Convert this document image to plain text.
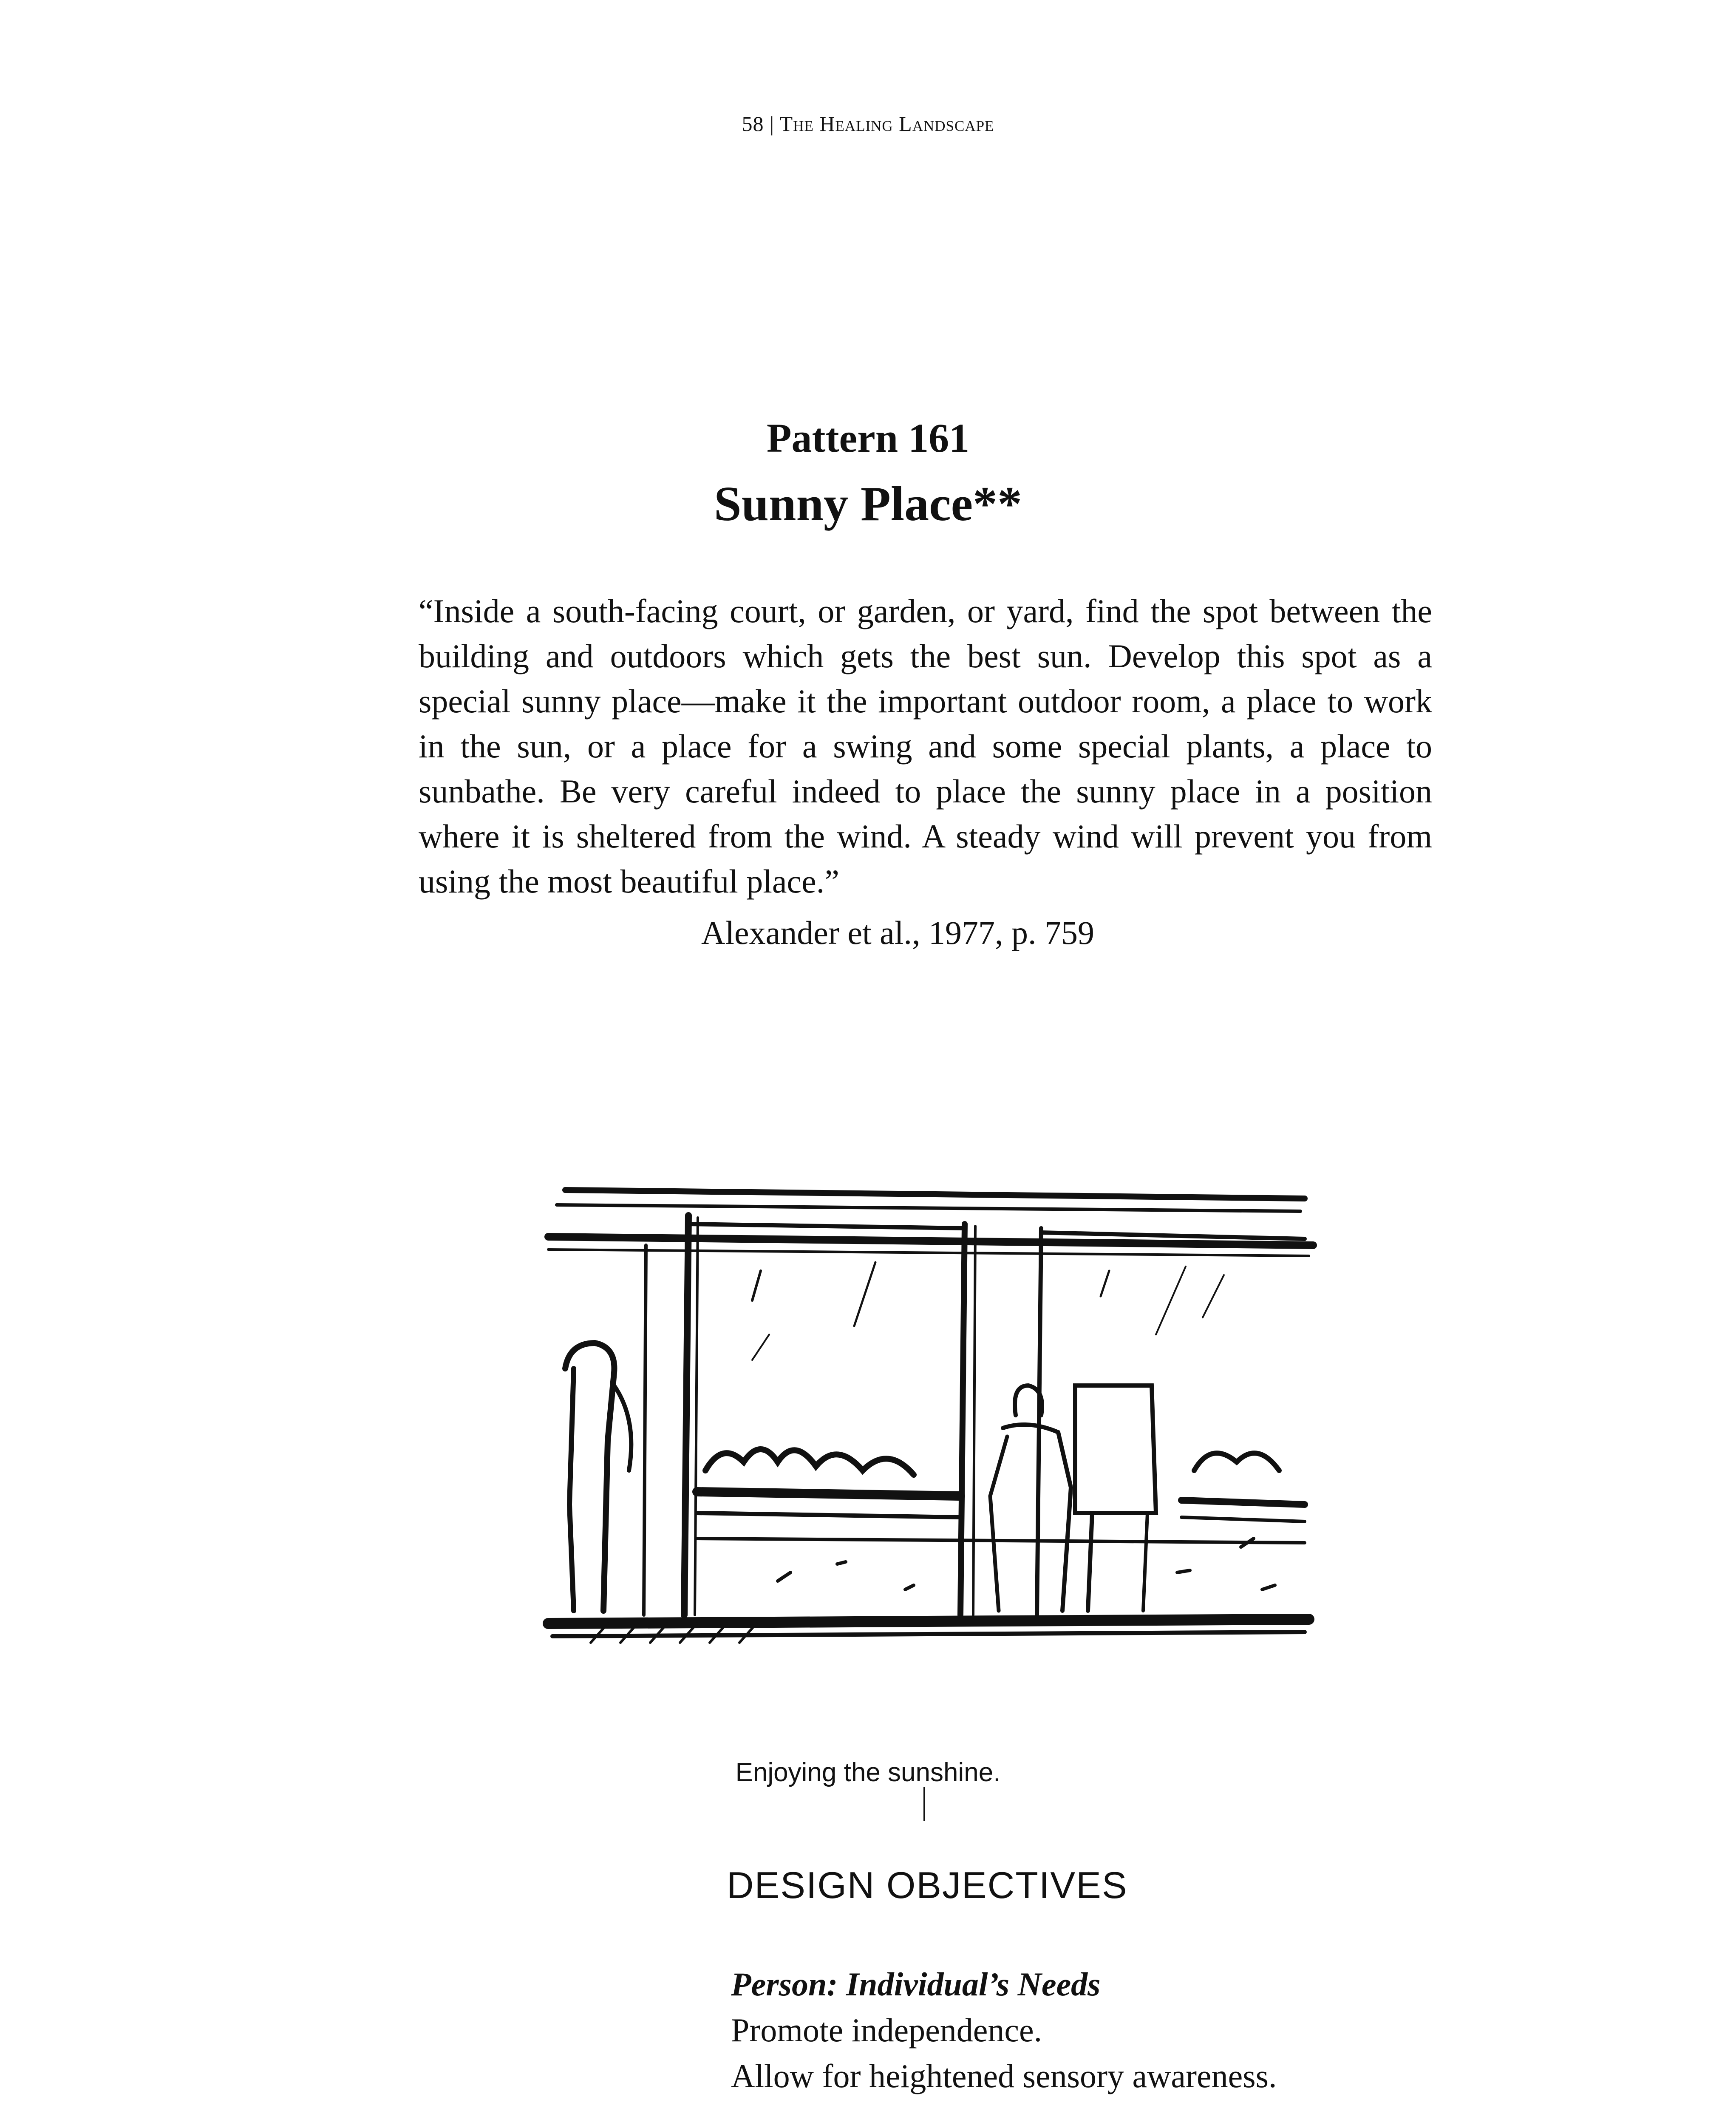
58 | The Healing Landscape
Pattern 161
Sunny Place**
“Inside a south-facing court, or garden, or yard, find the spot between the building and outdoors which gets the best sun. Develop this spot as a special sunny place—make it the important outdoor room, a place to work in the sun, or a place for a swing and some special plants, a place to sunbathe. Be very careful indeed to place the sunny place in a position where it is sheltered from the wind. A steady wind will prevent you from using the most beautiful place.”
Alexander et al., 1977, p. 759
Enjoying the sunshine.
DESIGN OBJECTIVES
Person: Individual’s Needs
Promote independence.
Allow for heightened sensory awareness.
